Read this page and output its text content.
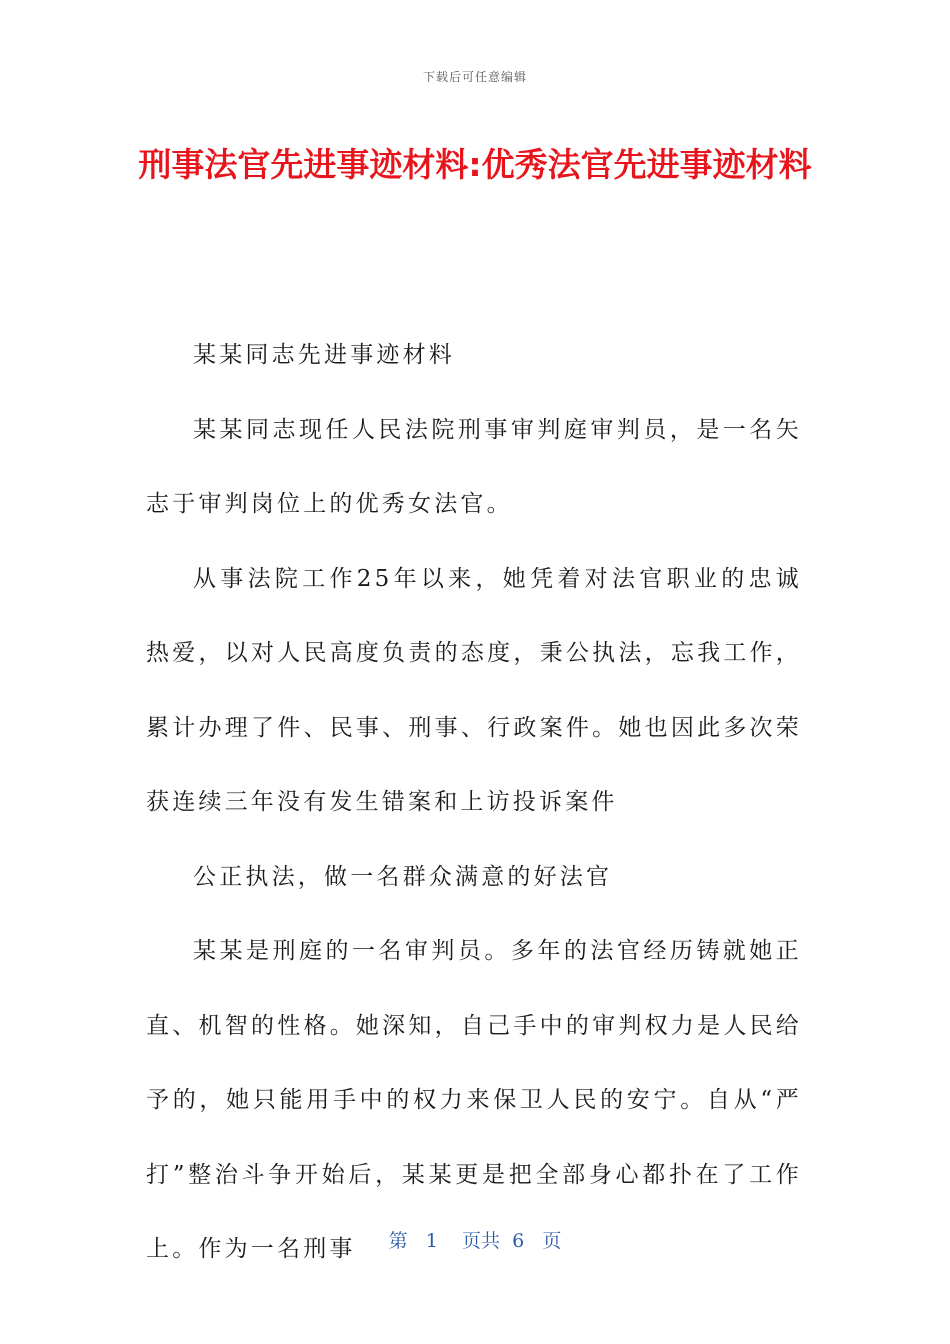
下载后可任意编辑
刑事法官先进事迹材料:优秀法官先进事迹材料

某某同志先进事迹材料

某某同志现任人民法院刑事审判庭审判员，是一名矢志于审判岗位上的优秀女法官。

从事法院工作25年以来，她凭着对法官职业的忠诚热爱，以对人民高度负责的态度，秉公执法，忘我工作，累计办理了件、民事、刑事、行政案件。她也因此多次荣获连续三年没有发生错案和上访投诉案件

公正执法，做一名群众满意的好法官

某某是刑庭的一名审判员。多年的法官经历铸就她正直、机智的性格。她深知，自己手中的审判权力是人民给予的，她只能用手中的权力来保卫人民的安宁。自从“严打”整治斗争开始后，某某更是把全部身心都扑在了工作上。作为一名刑事	第 1 页共 6 页
